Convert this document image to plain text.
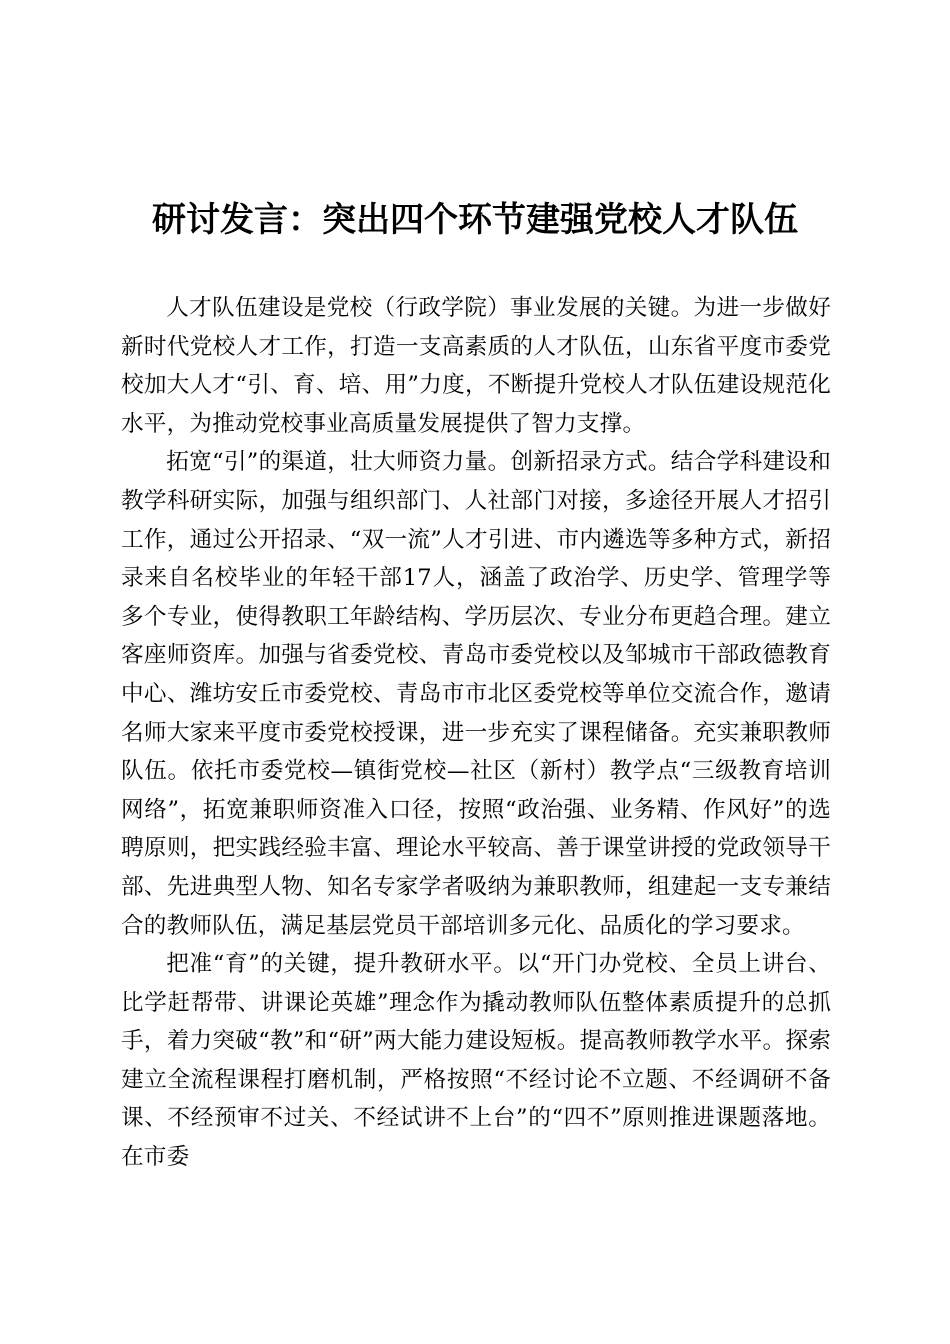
研讨发言：突出四个环节建强党校人才队伍

人才队伍建设是党校（行政学院）事业发展的关键。为进一步做好新时代党校人才工作，打造一支高素质的人才队伍，山东省平度市委党校加大人才“引、育、培、用”力度，不断提升党校人才队伍建设规范化水平，为推动党校事业高质量发展提供了智力支撑。

拓宽“引”的渠道，壮大师资力量。创新招录方式。结合学科建设和教学科研实际，加强与组织部门、人社部门对接，多途径开展人才招引工作，通过公开招录、“双一流”人才引进、市内遴选等多种方式，新招录来自名校毕业的年轻干部17人，涵盖了政治学、历史学、管理学等多个专业，使得教职工年龄结构、学历层次、专业分布更趋合理。建立客座师资库。加强与省委党校、青岛市委党校以及邹城市干部政德教育中心、潍坊安丘市委党校、青岛市市北区委党校等单位交流合作，邀请名师大家来平度市委党校授课，进一步充实了课程储备。充实兼职教师队伍。依托市委党校—镇街党校—社区（新村）教学点“三级教育培训网络”，拓宽兼职师资准入口径，按照“政治强、业务精、作风好”的选聘原则，把实践经验丰富、理论水平较高、善于课堂讲授的党政领导干部、先进典型人物、知名专家学者吸纳为兼职教师，组建起一支专兼结合的教师队伍，满足基层党员干部培训多元化、品质化的学习要求。

把准“育”的关键，提升教研水平。以“开门办党校、全员上讲台、比学赶帮带、讲课论英雄”理念作为撬动教师队伍整体素质提升的总抓手，着力突破“教”和“研”两大能力建设短板。提高教师教学水平。探索建立全流程课程打磨机制，严格按照“不经讨论不立题、不经调研不备课、不经预审不过关、不经试讲不上台”的“四不”原则推进课题落地。在市委
